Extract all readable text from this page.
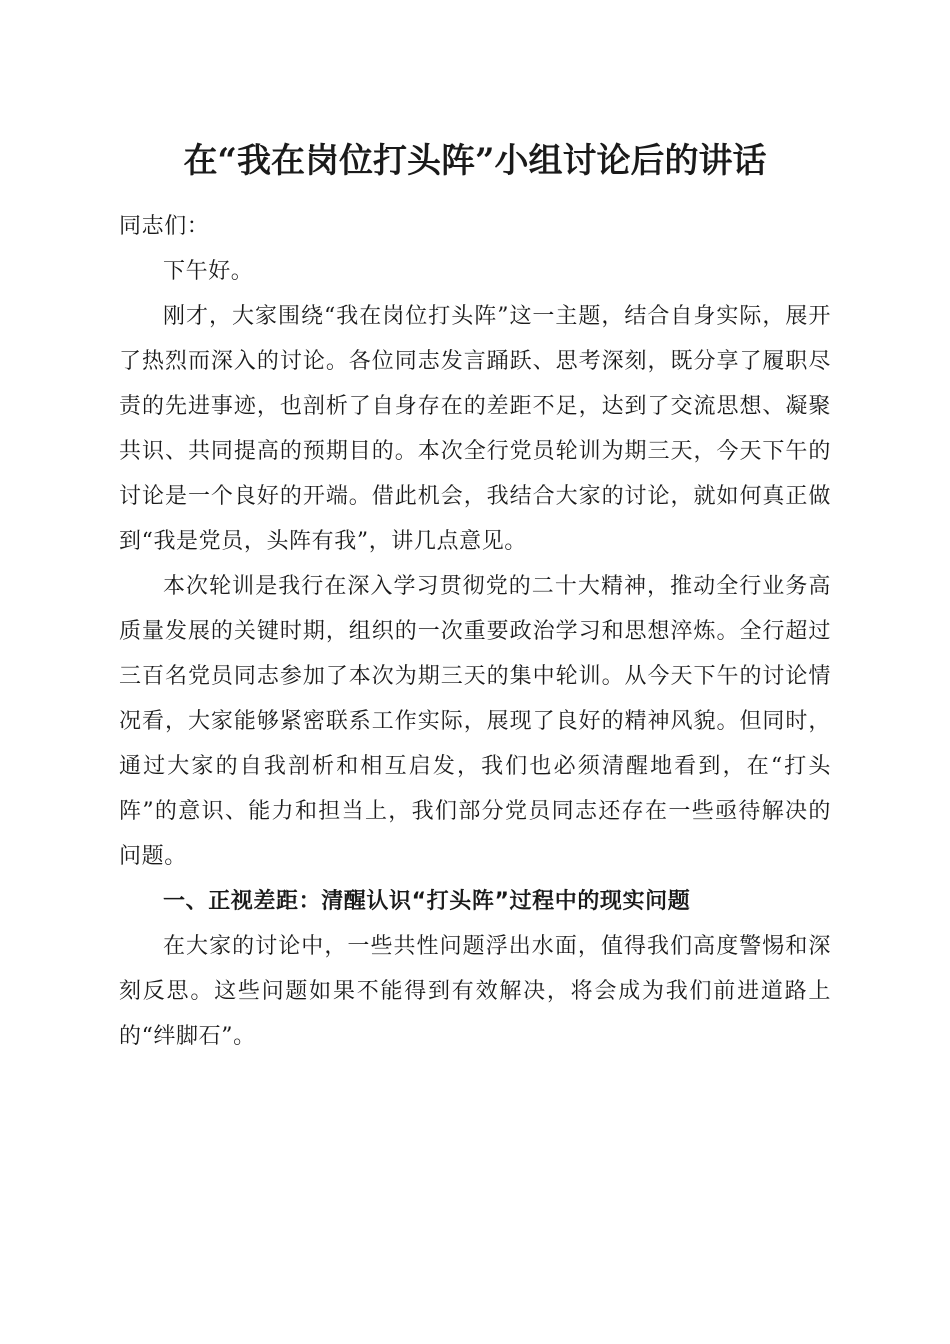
在“我在岗位打头阵”小组讨论后的讲话

同志们：

下午好。

刚才，大家围绕“我在岗位打头阵”这一主题，结合自身实际，展开了热烈而深入的讨论。各位同志发言踊跃、思考深刻，既分享了履职尽责的先进事迹，也剖析了自身存在的差距不足，达到了交流思想、凝聚共识、共同提高的预期目的。本次全行党员轮训为期三天，今天下午的讨论是一个良好的开端。借此机会，我结合大家的讨论，就如何真正做到“我是党员，头阵有我”，讲几点意见。

本次轮训是我行在深入学习贯彻党的二十大精神，推动全行业务高质量发展的关键时期，组织的一次重要政治学习和思想淬炼。全行超过三百名党员同志参加了本次为期三天的集中轮训。从今天下午的讨论情况看，大家能够紧密联系工作实际，展现了良好的精神风貌。但同时，通过大家的自我剖析和相互启发，我们也必须清醒地看到，在“打头阵”的意识、能力和担当上，我们部分党员同志还存在一些亟待解决的问题。

一、正视差距：清醒认识“打头阵”过程中的现实问题

在大家的讨论中，一些共性问题浮出水面，值得我们高度警惕和深刻反思。这些问题如果不能得到有效解决，将会成为我们前进道路上的“绊脚石”。
